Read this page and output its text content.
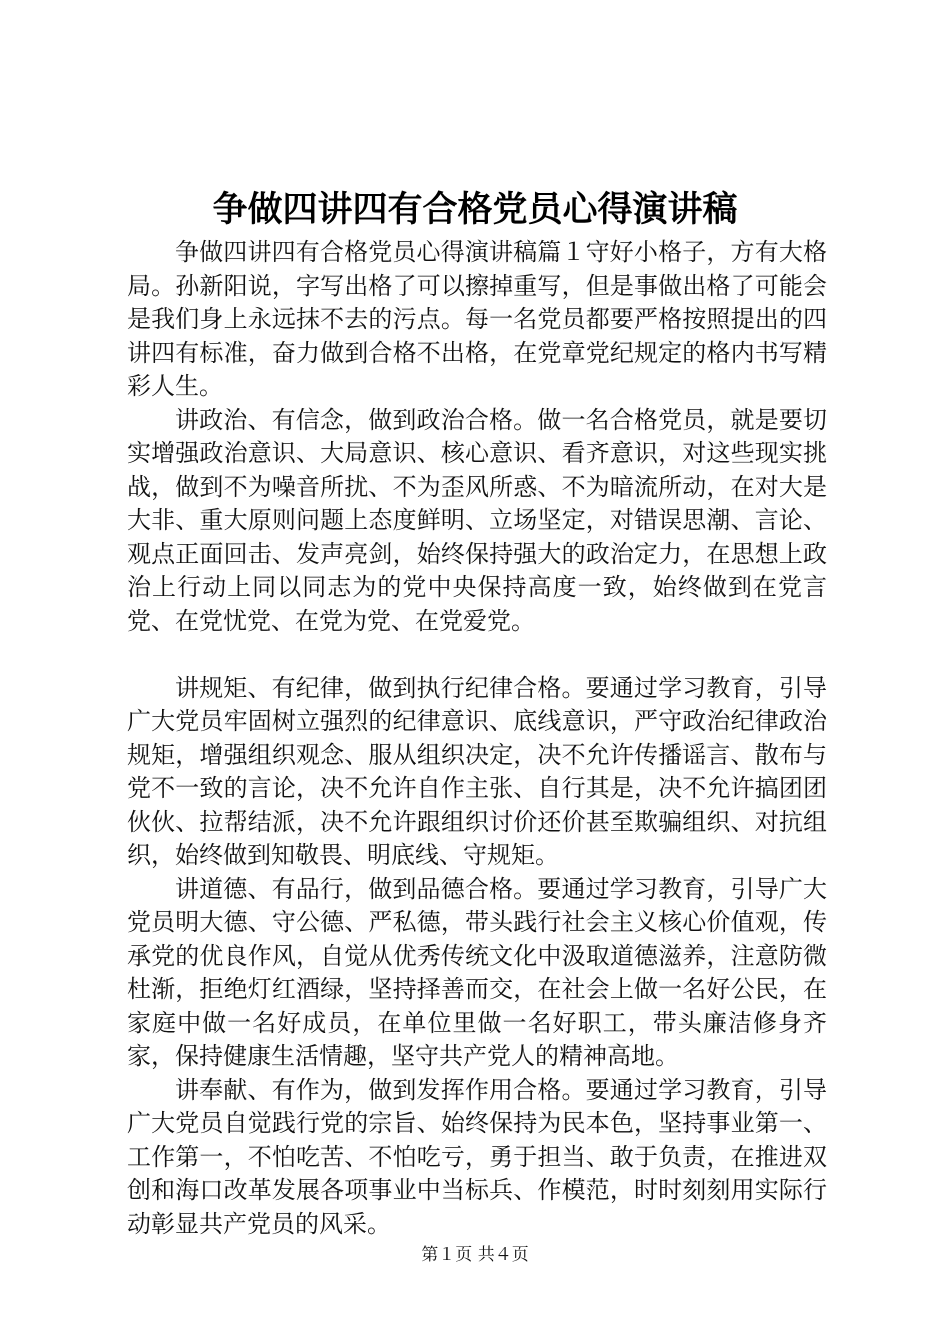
争做四讲四有合格党员心得演讲稿

争做四讲四有合格党员心得演讲稿篇１守好小格子，方有大格局。孙新阳说，字写出格了可以擦掉重写，但是事做出格了可能会是我们身上永远抹不去的污点。每一名党员都要严格按照提出的四讲四有标准，奋力做到合格不出格，在党章党纪规定的格内书写精彩人生。

讲政治、有信念，做到政治合格。做一名合格党员，就是要切实增强政治意识、大局意识、核心意识、看齐意识，对这些现实挑战，做到不为噪音所扰、不为歪风所惑、不为暗流所动，在对大是大非、重大原则问题上态度鲜明、立场坚定，对错误思潮、言论、观点正面回击、发声亮剑，始终保持强大的政治定力，在思想上政治上行动上同以同志为的党中央保持高度一致，始终做到在党言党、在党忧党、在党为党、在党爱党。

讲规矩、有纪律，做到执行纪律合格。要通过学习教育，引导广大党员牢固树立强烈的纪律意识、底线意识，严守政治纪律政治规矩，增强组织观念、服从组织决定，决不允许传播谣言、散布与党不一致的言论，决不允许自作主张、自行其是，决不允许搞团团伙伙、拉帮结派，决不允许跟组织讨价还价甚至欺骗组织、对抗组织，始终做到知敬畏、明底线、守规矩。

讲道德、有品行，做到品德合格。要通过学习教育，引导广大党员明大德、守公德、严私德，带头践行社会主义核心价值观，传承党的优良作风，自觉从优秀传统文化中汲取道德滋养，注意防微杜渐，拒绝灯红酒绿，坚持择善而交，在社会上做一名好公民，在家庭中做一名好成员，在单位里做一名好职工，带头廉洁修身齐家，保持健康生活情趣，坚守共产党人的精神高地。

讲奉献、有作为，做到发挥作用合格。要通过学习教育，引导广大党员自觉践行党的宗旨、始终保持为民本色，坚持事业第一、工作第一，不怕吃苦、不怕吃亏，勇于担当、敢于负责，在推进双创和海口改革发展各项事业中当标兵、作模范，时时刻刻用实际行动彰显共产党员的风采。

第１页 共４页
